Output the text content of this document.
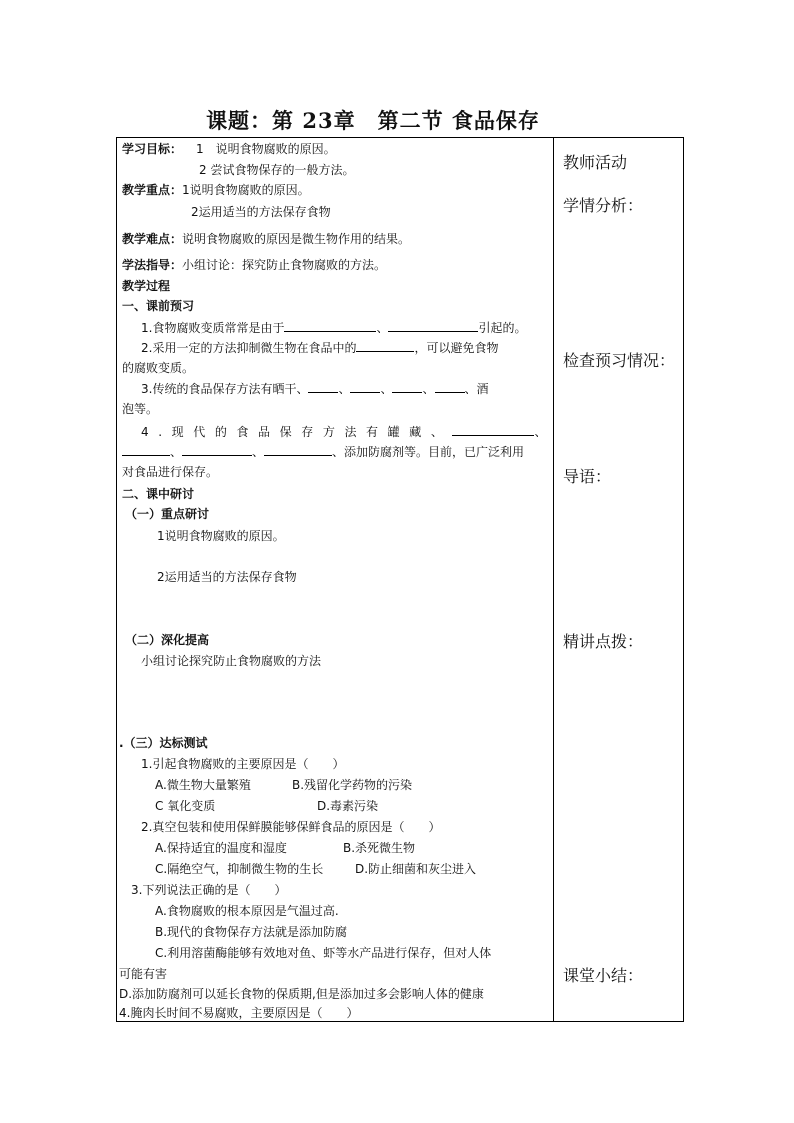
课题：第 23章　第二节 食品保存
学习目标： 1　说明食物腐败的原因。
2 尝试食物保存的一般方法。
教学重点：1说明食物腐败的原因。
2运用适当的方法保存食物
教学难点：说明食物腐败的原因是微生物作用的结果。
学法指导：小组讨论：探究防止食物腐败的方法。
教学过程
一、课前预习
1.食物腐败变质常常是由于	、	引起的。
2.采用一定的方法抑制微生物在食品中的	，可以避免食物
的腐败变质。
3.传统的食品保存方法有晒干、	、	、	、	、酒
泡等。
4.现代的食品保存方法有罐藏、	、
、	、	、添加防腐剂等。目前，已广泛利用
对食品进行保存。
二、课中研讨
（一）重点研讨
1说明食物腐败的原因。
2运用适当的方法保存食物
（二）深化提高
小组讨论探究防止食物腐败的方法
.（三）达标测试
1.引起食物腐败的主要原因是（　　）
A.微生物大量繁殖	B.残留化学药物的污染
C 氧化变质	D.毒素污染
2.真空包装和使用保鲜膜能够保鲜食品的原因是（　　）
A.保持适宜的温度和湿度	B.杀死微生物
C.隔绝空气，抑制微生物的生长	D.防止细菌和灰尘进入
3.下列说法正确的是（　　）
A.食物腐败的根本原因是气温过高.
B.现代的食物保存方法就是添加防腐
C.利用溶菌酶能够有效地对鱼、虾等水产品进行保存，但对人体
可能有害
D.添加防腐剂可以延长食物的保质期,但是添加过多会影响人体的健康
4.腌肉长时间不易腐败，主要原因是（　　）
教师活动
学情分析：
检查预习情况：
导语：
精讲点拨：
课堂小结：
